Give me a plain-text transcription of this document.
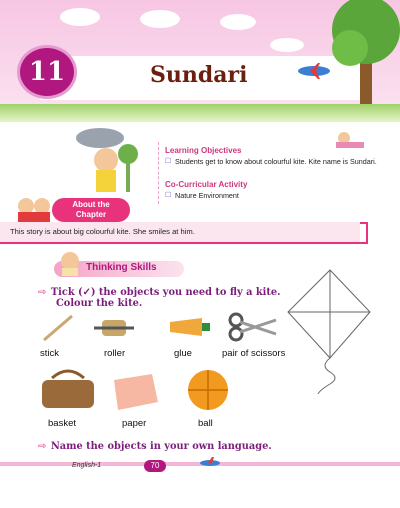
11	Sundari
Learning Objectives
☐ Students get to know about colourful kite. Kite name is Sundari.
Co-Curricular Activity
☐ Nature Environment
About the
Chapter
This story is about big colourful kite. She smiles at him.
Thinking Skills
⇨ Tick (✓) the objects you need to fly a kite.
Colour the kite.
stick	roller	glue	pair of scissors
basket	paper	ball
⇨ Name the objects in your own language.
English-1	70
